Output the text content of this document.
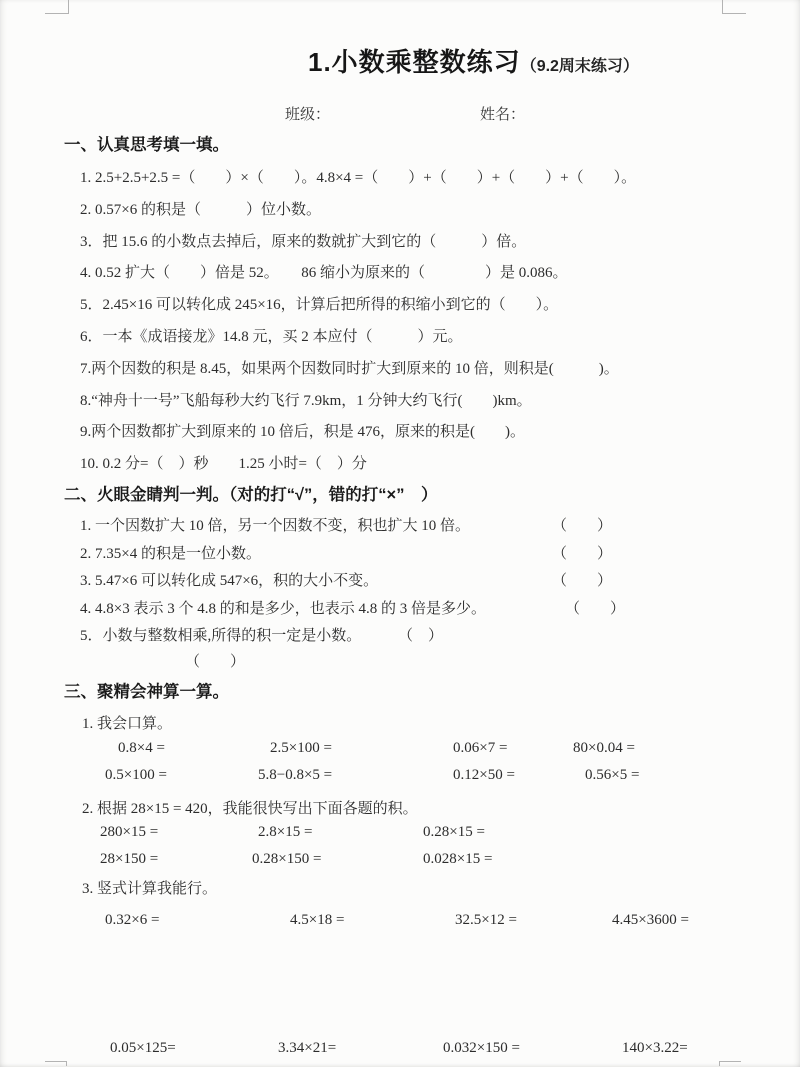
1.小数乘整数练习（9.2周末练习）
班级：	姓名：
一、认真思考填一填。
1. 2.5+2.5+2.5 =（　　）×（　　）。4.8×4 =（　　）+（　　）+（　　）+（　　）。
2. 0.57×6 的积是（　　　）位小数。
3．把 15.6 的小数点去掉后，原来的数就扩大到它的（　　　）倍。
4. 0.52 扩大（　　）倍是 52。　　86 缩小为原来的（　　　　）是 0.086。
5．2.45×16 可以转化成 245×16，计算后把所得的积缩小到它的（　　）。
6．一本《成语接龙》14.8 元，买 2 本应付（　　　）元。
7.两个因数的积是 8.45，如果两个因数同时扩大到原来的 10 倍，则积是(　　　)。
8.“神舟十一号”飞船每秒大约飞行 7.9km，1 分钟大约飞行(　　)km。
9.两个因数都扩大到原来的 10 倍后，积是 476，原来的积是(　　)。
10. 0.2 分=（　）秒　　1.25 小时=（　）分
二、火眼金睛判一判。（对的打“√”，错的打“×”　）
1. 一个因数扩大 10 倍，另一个因数不变，积也扩大 10 倍。	（　　）
2. 7.35×4 的积是一位小数。	（　　）
3. 5.47×6 可以转化成 547×6，积的大小不变。	（　　）
4. 4.8×3 表示 3 个 4.8 的和是多少，也表示 4.8 的 3 倍是多少。	（　　）
5．小数与整数相乘,所得的积一定是小数。 （　）
（　　）
三、聚精会神算一算。
1. 我会口算。
0.8×4 =	2.5×100 =	0.06×7 =	80×0.04 =
0.5×100 =	5.8−0.8×5 =	0.12×50 =	0.56×5 =
2. 根据 28×15 = 420，我能很快写出下面各题的积。
280×15 =	2.8×15 =	0.28×15 =
28×150 =	0.28×150 =	0.028×15 =
3. 竖式计算我能行。
0.32×6 =	4.5×18 =	32.5×12 =	4.45×3600 =
0.05×125=	3.34×21=	0.032×150 =	140×3.22=
